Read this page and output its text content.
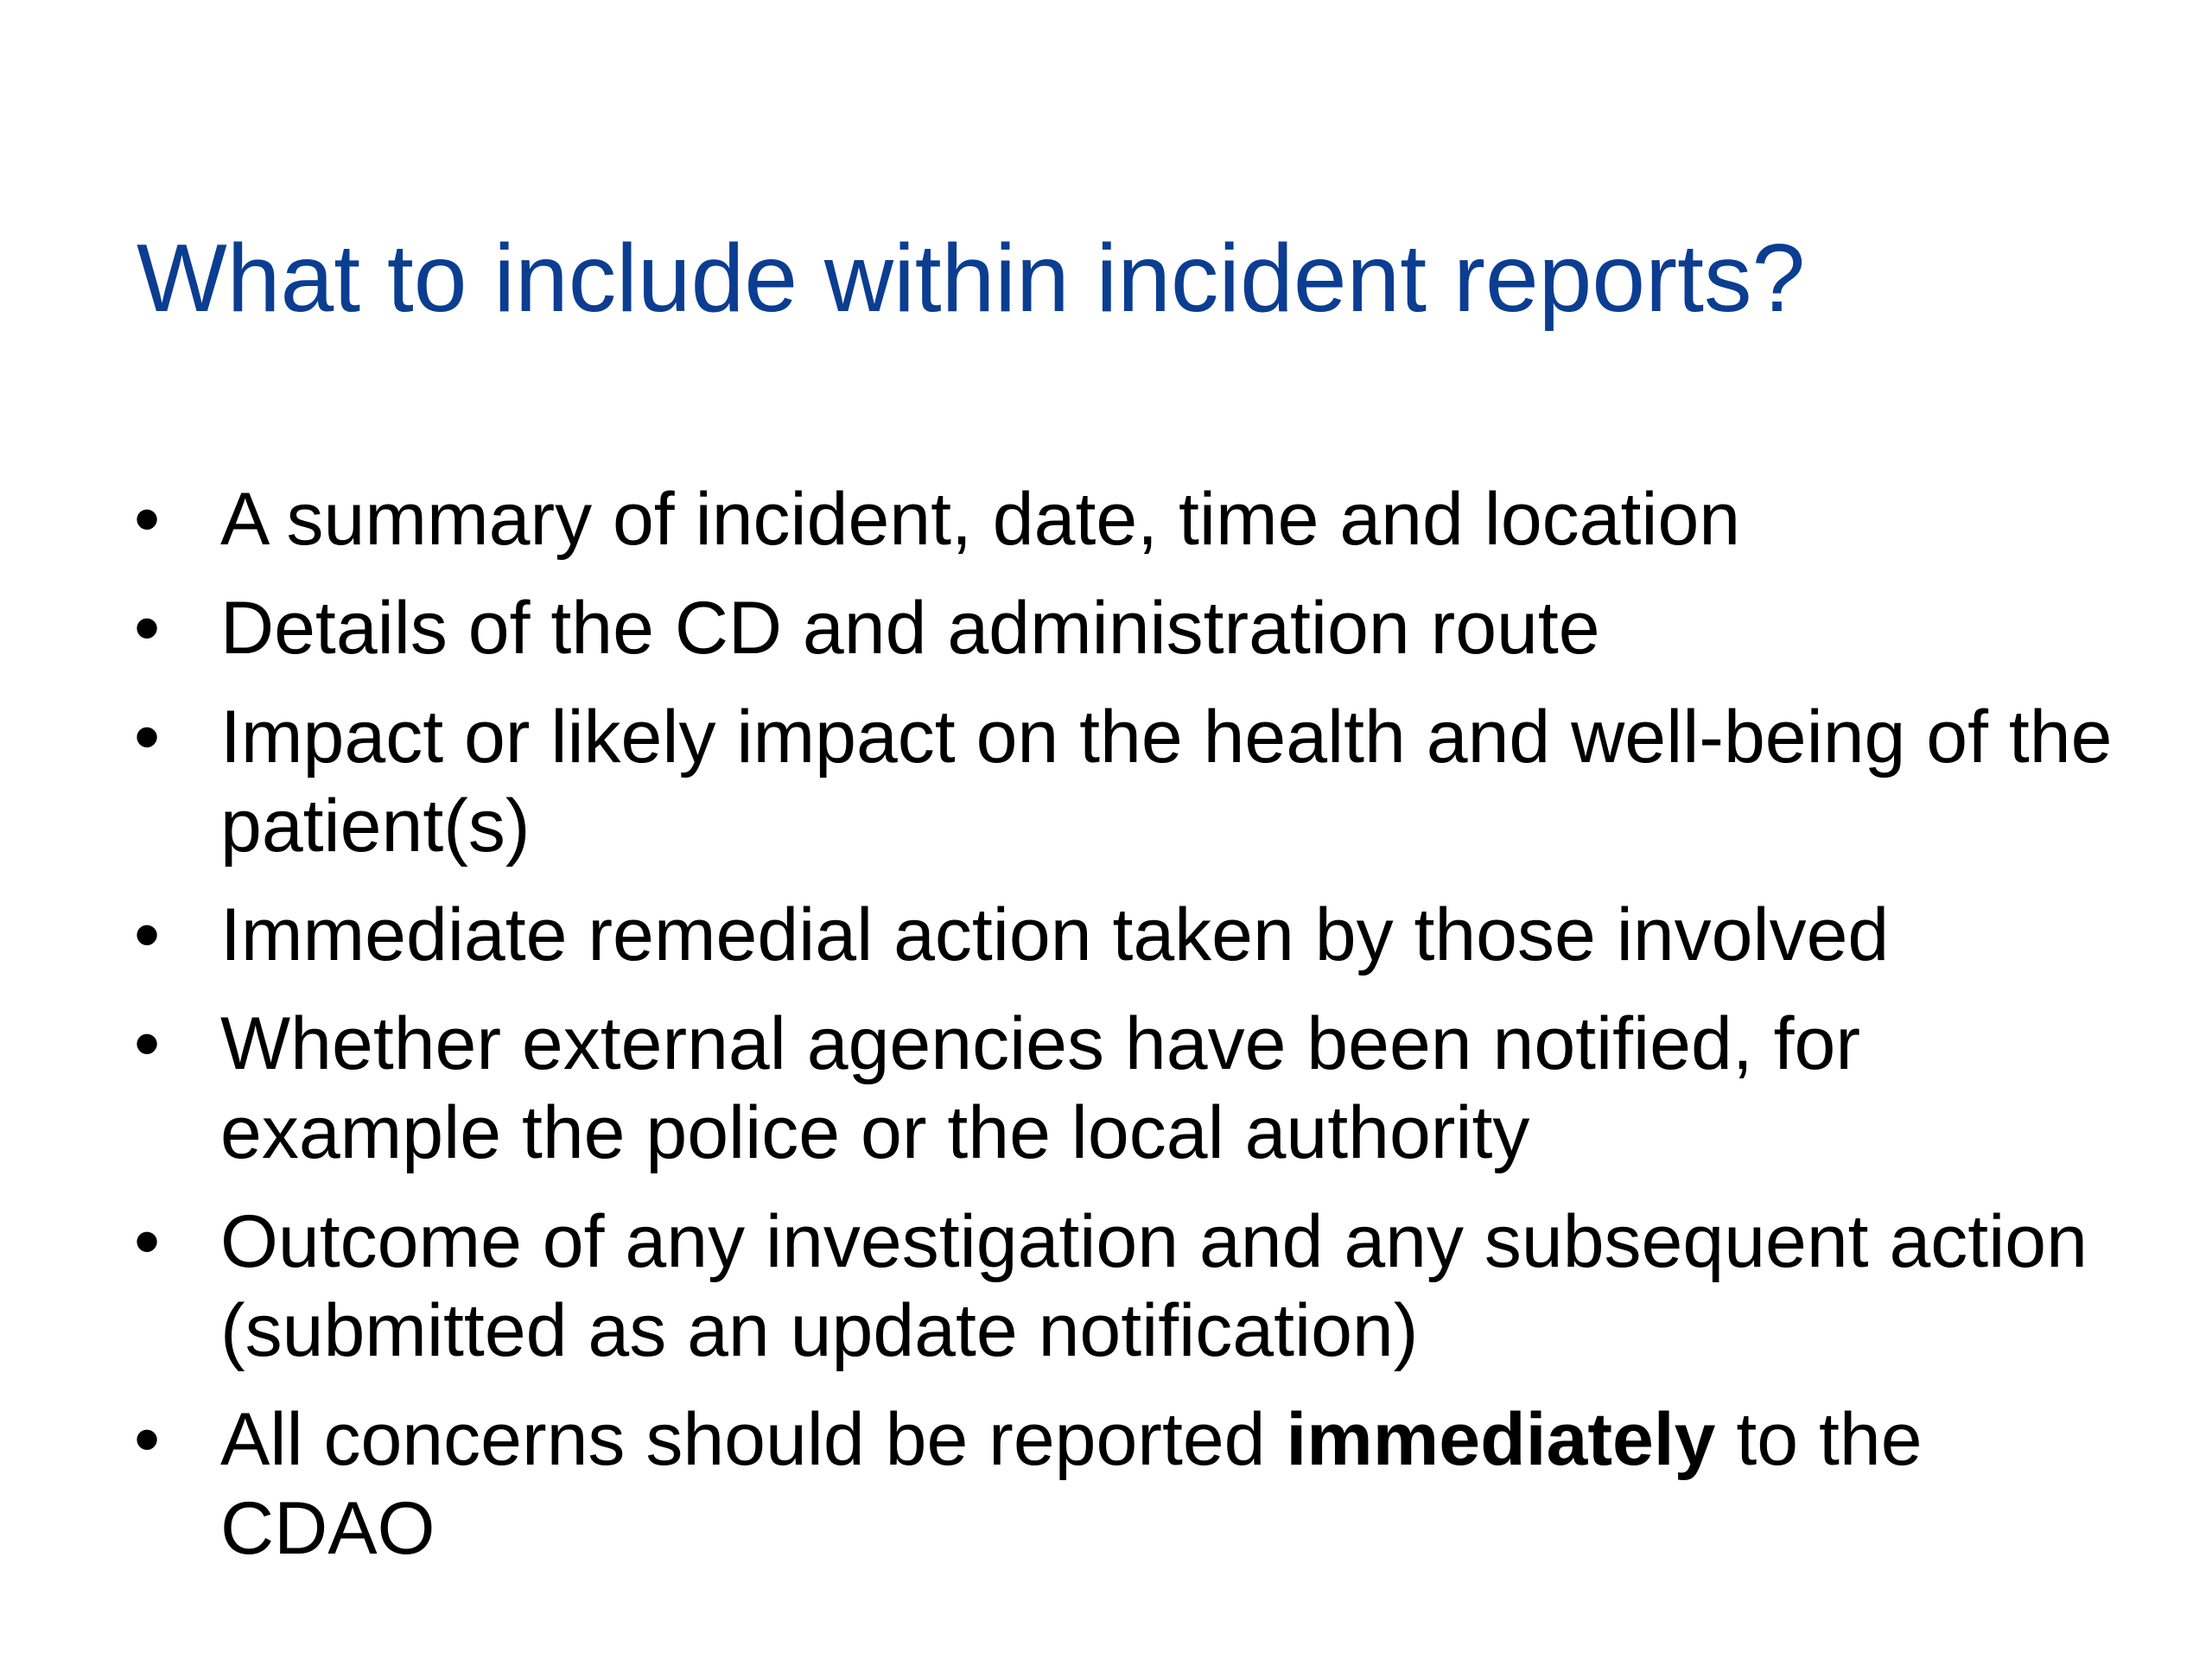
What to include within incident reports?
• A summary of incident, date, time and location
• Details of the CD and administration route
• Impact or likely impact on the health and well-being of the patient(s)
• Immediate remedial action taken by those involved
• Whether external agencies have been notified, for example the police or the local authority
• Outcome of any investigation and any subsequent action (submitted as an update notification)
• All concerns should be reported immediately to the CDAO
